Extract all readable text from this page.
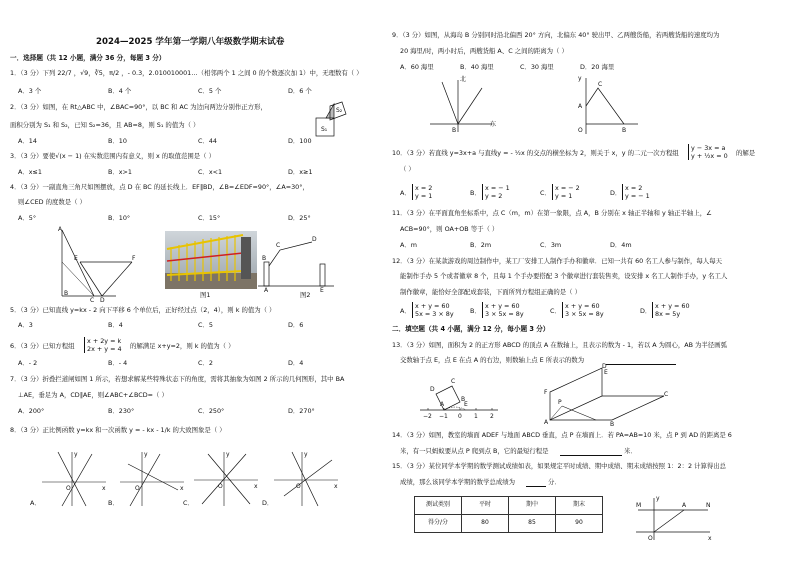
2024—2025 学年第一学期八年级数学期末试卷
一．选择题（共 12 小题，满分 36 分，每题 3 分）
1．（3 分）下列 22/7 ，√9，∛5，π/2 ，- 0.3，2.010010001…（相邻两个 1 之间 0 的个数逐次加 1）中，无理数有（ ）
A．3 个	B．4 个	C．5 个	D．6 个
2．（3 分）如图，在 Rt△ABC 中，∠BAC=90°，以 BC 和 AC 为边向两边分别作正方形，
面积分别为 S₁ 和 S₂，已知 S₂=36，且 AB=8，则 S₁ 的值为（ ）
S₁
S₂
A．14	B．10	C．44	D．100
3．（3 分）要使√(x − 1) 在实数范围内有意义，则 x 的取值范围是（ ）
A．x≤1	B．x>1	C．x<1	D．x≥1
4．（3 分）一副直角三角尺如图摆放，点 D 在 BC 的延长线上．EF∥BD，∠B=∠EDF=90°，∠A=30°，
则∠CED 的度数是（ ）
A．5°	B．10°	C．15°	D．25°
A
E	F
B
C D
图1
B
C
D
A	E
图2
5．（3 分）已知直线 y=kx - 2 向下平移 6 个单位后，正好经过点（2，4），则 k 的值为（ ）
A．3	B．4	C．5	D．6
6．（3 分）已知方程组
x + 2y = k
2x + y = 4 的解满足 x+y=2，则 k 的值为（ ）
A．- 2	B．- 4	C．2	D．4
7．（3 分）折叠拦道闸如图 1 所示，若想求解某些特殊状态下的角度，需将其抽象为如图 2 所示的几何图形，其中 BA
⊥AE，垂足为 A，CD∥AE，则∠ABC+∠BCD=（ ）
A．200°	B．230°	C．250°	D．270°
8．（3 分）正比例函数 y=kx 和一次函数 y = - kx - 1/k 的大致图象是（ ）
y
x
O
y
x
O
y
x
O
y
x
O
A．	B．	C．	D．
9．（3 分）如图，从海岛 B 分别同时沿北偏西 20° 方向，北偏东 40° 驶出甲、乙两艘货船，若两艘货船的速度均为
20 海里/时，两小时后，两艘货船 A、C 之间的距离为（ ）
A．60 海里	B．40 海里	C．30 海里	D．20 海里
北
东
B
y
A
C
O	B
10．（3 分）若直线 y=3x+a 与直线y = - ½x 的交点的横坐标为 2，则关于 x，y 的二元一次方程组
y − 3x = a
y + ½x = 0 的解是
（ ）
A．
x = 2
y = 1	B．
x = − 1
y = 2	C．
x = − 2
y = 1	D．
x = 2
y = − 1
11．（3 分）在平面直角坐标系中，点 C（m，m）在第一象限，点 A，B 分别在 x 轴正半轴和 y 轴正半轴上，∠
ACB=90°，则 OA+OB 等于（ ）
A．m	B．2m	C．3m	D．4m
12．（3 分）在某款游戏的周边制作中，某工厂安排工人制作手办和徽章．已知一共有 60 名工人参与制作，每人每天
能制作手办 5 个或者徽章 8 个，且每 1 个手办要搭配 3 个徽章进行套装售卖，设安排 x 名工人制作手办，y 名工人
制作徽章，能恰好全部配成套装，下面所列方程组正确的是（ ）
A．
x + y = 60
5x = 3 × 8y	B．
x + y = 60
3 × 5x = 8y	C．
x + y = 60
3 × 5x = 8y	D．
x + y = 60
8x = 5y
二．填空题（共 4 小题，满分 12 分，每小题 3 分）
13．（3 分）如图，面积为 2 的正方形 ABCD 的顶点 A 在数轴上，且表示的数为 - 1，若以 A 为圆心，AB 为半径画弧
交数轴于点 E，点 E 在点 A 的右边，则数轴上点 E 所表示的数为
D
C
B
A	E
−2 −1 0 1 2
F
D
E
A	B
P
C
14．（3 分）如图，教室的墙面 ADEF 与地面 ABCD 垂直，点 P 在墙面上．若 PA=AB=10 米，点 P 到 AD 的距离是 6
米，有一只蚂蚁要从点 P 爬到点 B，它的最短行程是	米．
15．（3 分）某位同学本学期的数学测试成绩如表，如果规定平时成绩、期中成绩、期末成绩按照 1：2：2 计算得出总
成绩，那么该同学本学期的数学总成绩为	分．
测试类别	平时	期中	期末
得分/分	80	85	90
M	A	N
O
y
x
